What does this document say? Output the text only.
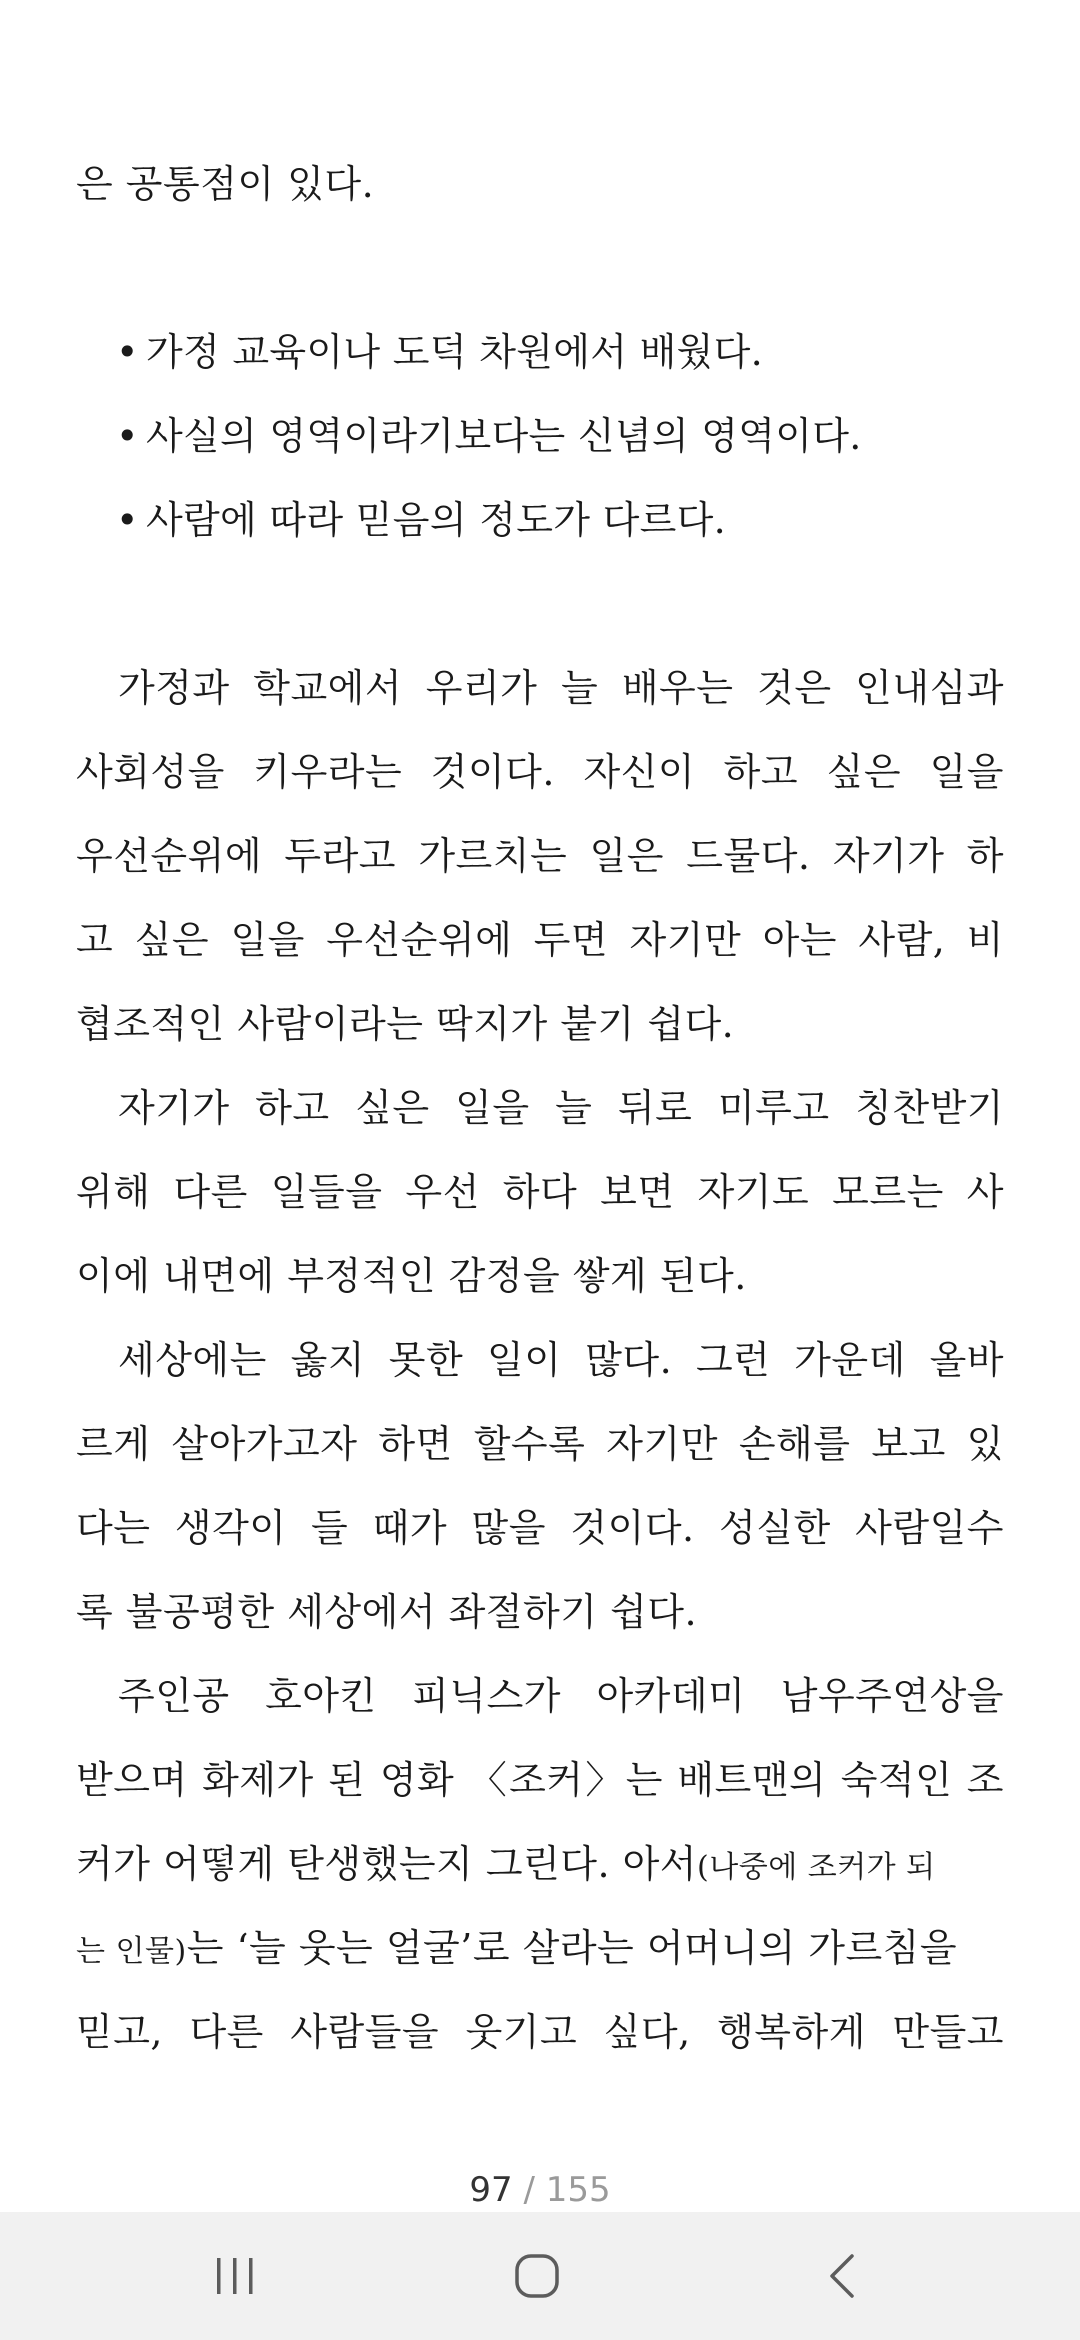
은 공통점이 있다.
• 가정 교육이나 도덕 차원에서 배웠다.
• 사실의 영역이라기보다는 신념의 영역이다.
• 사람에 따라 믿음의 정도가 다르다.
가정과 학교에서 우리가 늘 배우는 것은 인내심과
사회성을 키우라는 것이다. 자신이 하고 싶은 일을
우선순위에 두라고 가르치는 일은 드물다. 자기가 하
고 싶은 일을 우선순위에 두면 자기만 아는 사람, 비
협조적인 사람이라는 딱지가 붙기 쉽다.
자기가 하고 싶은 일을 늘 뒤로 미루고 칭찬받기
위해 다른 일들을 우선 하다 보면 자기도 모르는 사
이에 내면에 부정적인 감정을 쌓게 된다.
세상에는 옳지 못한 일이 많다. 그런 가운데 올바
르게 살아가고자 하면 할수록 자기만 손해를 보고 있
다는 생각이 들 때가 많을 것이다. 성실한 사람일수
록 불공평한 세상에서 좌절하기 쉽다.
주인공 호아킨 피닉스가 아카데미 남우주연상을
받으며 화제가 된 영화 〈조커〉는 배트맨의 숙적인 조
커가 어떻게 탄생했는지 그린다. 아서(나중에 조커가 되
는 인물)는 ‘늘 웃는 얼굴’로 살라는 어머니의 가르침을
믿고, 다른 사람들을 웃기고 싶다, 행복하게 만들고
97 / 155
